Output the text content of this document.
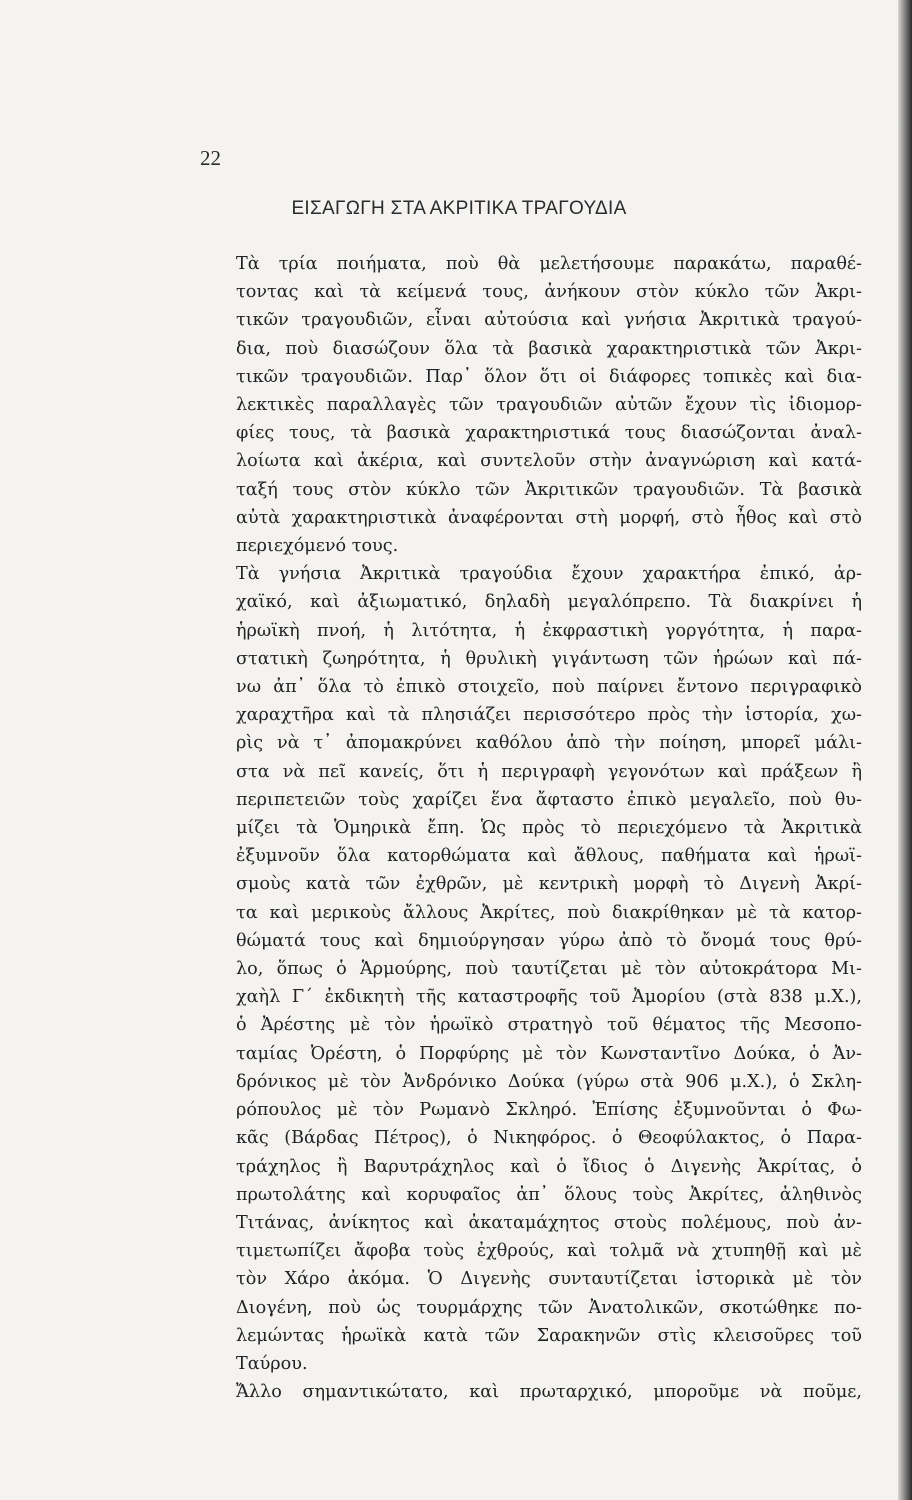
22

ΕΙΣΑΓΩΓΗ ΣΤΑ ΑΚΡΙΤΙΚΑ ΤΡΑΓΟΥΔΙΑ

Τὰ τρία ποιήματα, ποὺ θὰ μελετήσουμε παρακάτω, παραθέ-
τοντας καὶ τὰ κείμενά τους, ἀνήκουν στὸν κύκλο τῶν Ἀκρι-
τικῶν τραγουδιῶν, εἶναι αὐτούσια καὶ γνήσια Ἀκριτικὰ τραγού-
δια, ποὺ διασώζουν ὅλα τὰ βασικὰ χαρακτηριστικὰ τῶν Ἀκρι-
τικῶν τραγουδιῶν. Παρ᾽ ὅλον ὅτι οἱ διάφορες τοπικὲς καὶ δια-
λεκτικὲς παραλλαγὲς τῶν τραγουδιῶν αὐτῶν ἔχουν τὶς ἰδιομορ-
φίες τους, τὰ βασικὰ χαρακτηριστικά τους διασώζονται ἀναλ-
λοίωτα καὶ ἀκέρια, καὶ συντελοῦν στὴν ἀναγνώριση καὶ κατά-
ταξή τους στὸν κύκλο τῶν Ἀκριτικῶν τραγουδιῶν. Τὰ βασικὰ
αὐτὰ χαρακτηριστικὰ ἀναφέρονται στὴ μορφή, στὸ ἦθος καὶ στὸ
περιεχόμενό τους.

Τὰ γνήσια Ἀκριτικὰ τραγούδια ἔχουν χαρακτήρα ἐπικό, ἀρ-
χαϊκό, καὶ ἀξιωματικό, δηλαδὴ μεγαλόπρεπο. Τὰ διακρίνει ἡ
ἡρωϊκὴ πνοή, ἡ λιτότητα, ἡ ἐκφραστικὴ γοργότητα, ἡ παρα-
στατικὴ ζωηρότητα, ἡ θρυλικὴ γιγάντωση τῶν ἡρώων καὶ πά-
νω ἀπ᾽ ὅλα τὸ ἐπικὸ στοιχεῖο, ποὺ παίρνει ἔντονο περιγραφικὸ
χαραχτῆρα καὶ τὰ πλησιάζει περισσότερο πρὸς τὴν ἱστορία, χω-
ρὶς νὰ τ᾽ ἀπομακρύνει καθόλου ἀπὸ τὴν ποίηση, μπορεῖ μάλι-
στα νὰ πεῖ κανείς, ὅτι ἡ περιγραφὴ γεγονότων καὶ πράξεων ἢ
περιπετειῶν τοὺς χαρίζει ἕνα ἄφταστο ἐπικὸ μεγαλεῖο, ποὺ θυ-
μίζει τὰ Ὁμηρικὰ ἔπη. Ὡς πρὸς τὸ περιεχόμενο τὰ Ἀκριτικὰ
ἐξυμνοῦν ὅλα κατορθώματα καὶ ἄθλους, παθήματα καὶ ἡρωϊ-
σμοὺς κατὰ τῶν ἐχθρῶν, μὲ κεντρικὴ μορφὴ τὸ Διγενὴ Ἀκρί-
τα καὶ μερικοὺς ἄλλους Ἀκρίτες, ποὺ διακρίθηκαν μὲ τὰ κατορ-
θώματά τους καὶ δημιούργησαν γύρω ἀπὸ τὸ ὄνομά τους θρύ-
λο, ὅπως ὁ Ἁρμούρης, ποὺ ταυτίζεται μὲ τὸν αὐτοκράτορα Μι-
χαὴλ Γ´ ἐκδικητὴ τῆς καταστροφῆς τοῦ Ἀμορίου (στὰ 838 μ.Χ.),
ὁ Ἀρέστης μὲ τὸν ἡρωϊκὸ στρατηγὸ τοῦ θέματος τῆς Μεσοπο-
ταμίας Ὀρέστη, ὁ Πορφύρης μὲ τὸν Κωνσταντῖνο Δούκα, ὁ Ἀν-
δρόνικος μὲ τὸν Ἀνδρόνικο Δούκα (γύρω στὰ 906 μ.Χ.), ὁ Σκλη-
ρόπουλος μὲ τὸν Ρωμανὸ Σκληρό. Ἐπίσης ἐξυμνοῦνται ὁ Φω-
κᾶς (Βάρδας Πέτρος), ὁ Νικηφόρος. ὁ Θεοφύλακτος, ὁ Παρα-
τράχηλος ἢ Βαρυτράχηλος καὶ ὁ ἴδιος ὁ Διγενὴς Ἀκρίτας, ὁ
πρωτολάτης καὶ κορυφαῖος ἀπ᾽ ὅλους τοὺς Ἀκρίτες, ἀληθινὸς
Τιτάνας, ἀνίκητος καὶ ἀκαταμάχητος στοὺς πολέμους, ποὺ ἀν-
τιμετωπίζει ἄφοβα τοὺς ἐχθρούς, καὶ τολμᾶ νὰ χτυπηθῇ καὶ μὲ
τὸν Χάρο ἀκόμα. Ὁ Διγενὴς συνταυτίζεται ἱστορικὰ μὲ τὸν
Διογένη, ποὺ ὡς τουρμάρχης τῶν Ἀνατολικῶν, σκοτώθηκε πο-
λεμώντας ἡρωϊκὰ κατὰ τῶν Σαρακηνῶν στὶς κλεισοῦρες τοῦ
Ταύρου.

Ἄλλο σημαντικώτατο, καὶ πρωταρχικό, μποροῦμε νὰ ποῦμε,
